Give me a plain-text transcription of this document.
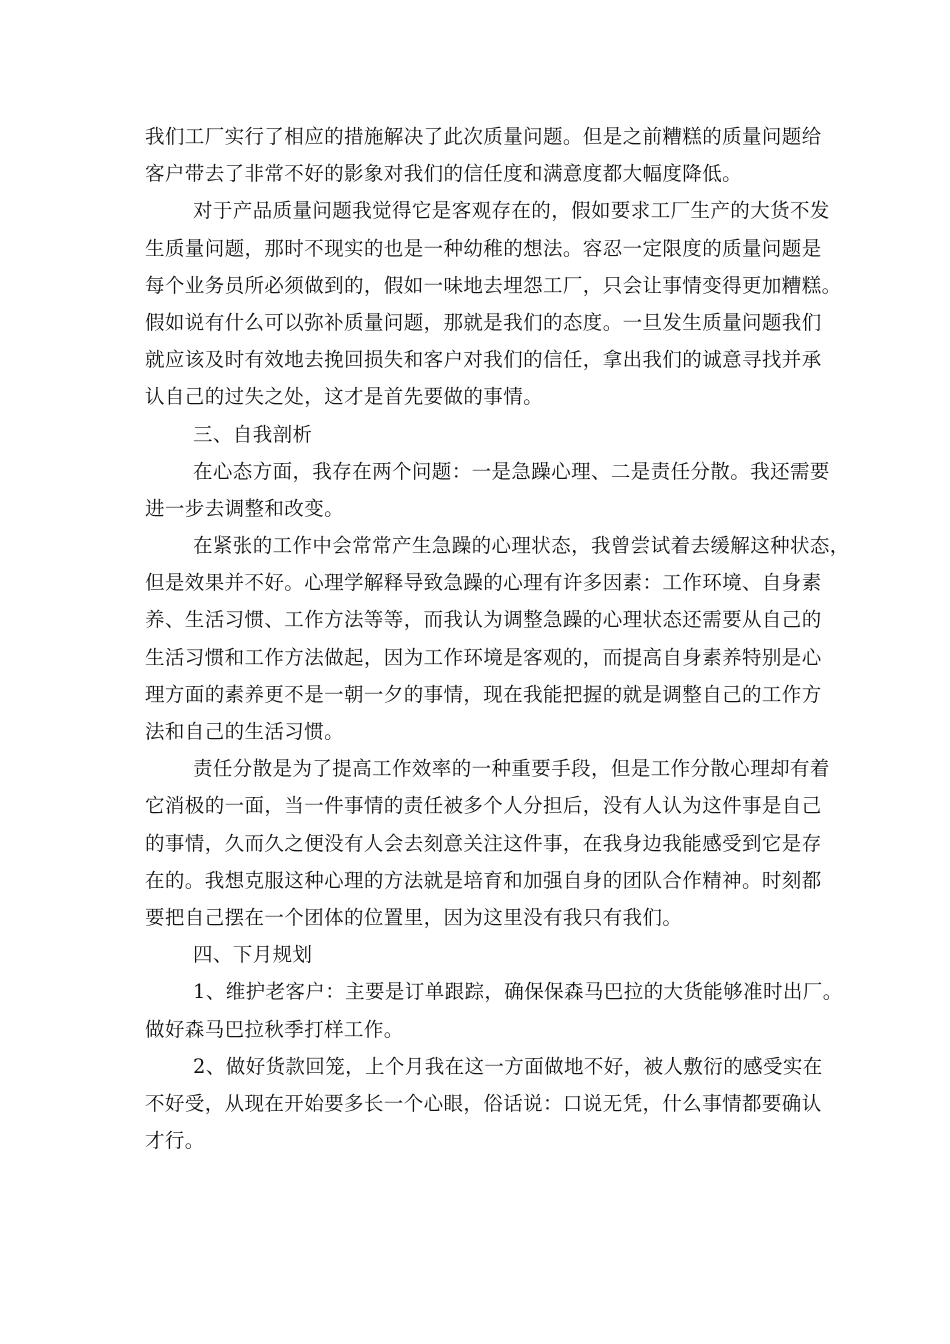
我们工厂实行了相应的措施解决了此次质量问题。但是之前糟糕的质量问题给
客户带去了非常不好的影象对我们的信任度和满意度都大幅度降低。
对于产品质量问题我觉得它是客观存在的，假如要求工厂生产的大货不发
生质量问题，那时不现实的也是一种幼稚的想法。容忍一定限度的质量问题是
每个业务员所必须做到的，假如一味地去埋怨工厂，只会让事情变得更加糟糕。
假如说有什么可以弥补质量问题，那就是我们的态度。一旦发生质量问题我们
就应该及时有效地去挽回损失和客户对我们的信任，拿出我们的诚意寻找并承
认自己的过失之处，这才是首先要做的事情。
三、自我剖析
在心态方面，我存在两个问题：一是急躁心理、二是责任分散。我还需要
进一步去调整和改变。
在紧张的工作中会常常产生急躁的心理状态，我曾尝试着去缓解这种状态，
但是效果并不好。心理学解释导致急躁的心理有许多因素：工作环境、自身素
养、生活习惯、工作方法等等，而我认为调整急躁的心理状态还需要从自己的
生活习惯和工作方法做起，因为工作环境是客观的，而提高自身素养特别是心
理方面的素养更不是一朝一夕的事情，现在我能把握的就是调整自己的工作方
法和自己的生活习惯。
责任分散是为了提高工作效率的一种重要手段，但是工作分散心理却有着
它消极的一面，当一件事情的责任被多个人分担后，没有人认为这件事是自己
的事情，久而久之便没有人会去刻意关注这件事，在我身边我能感受到它是存
在的。我想克服这种心理的方法就是培育和加强自身的团队合作精神。时刻都
要把自己摆在一个团体的位置里，因为这里没有我只有我们。
四、下月规划
1、维护老客户：主要是订单跟踪，确保保森马巴拉的大货能够准时出厂。
做好森马巴拉秋季打样工作。
2、做好货款回笼，上个月我在这一方面做地不好，被人敷衍的感受实在
不好受，从现在开始要多长一个心眼，俗话说：口说无凭，什么事情都要确认
才行。
